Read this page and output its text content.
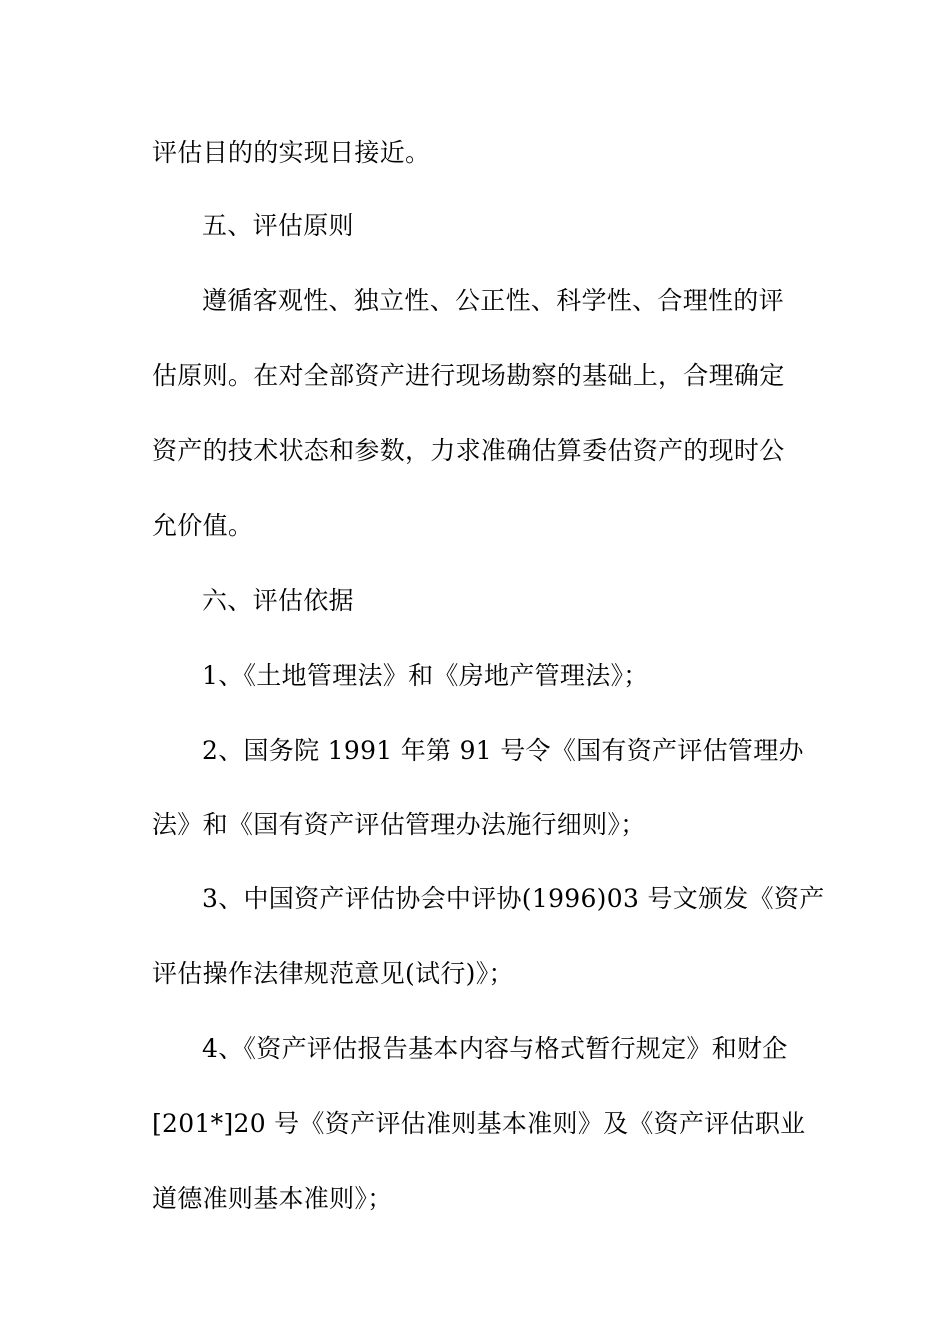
评估目的的实现日接近。
五、评估原则
遵循客观性、独立性、公正性、科学性、合理性的评
估原则。在对全部资产进行现场勘察的基础上，合理确定
资产的技术状态和参数，力求准确估算委估资产的现时公
允价值。
六、评估依据
1、《土地管理法》和《房地产管理法》；
2、国务院 1991 年第 91 号令《国有资产评估管理办
法》和《国有资产评估管理办法施行细则》；
3、中国资产评估协会中评协(1996)03 号文颁发《资产
评估操作法律规范意见(试行)》；
4、《资产评估报告基本内容与格式暂行规定》和财企
[201*]20 号《资产评估准则基本准则》及《资产评估职业
道德准则基本准则》；
